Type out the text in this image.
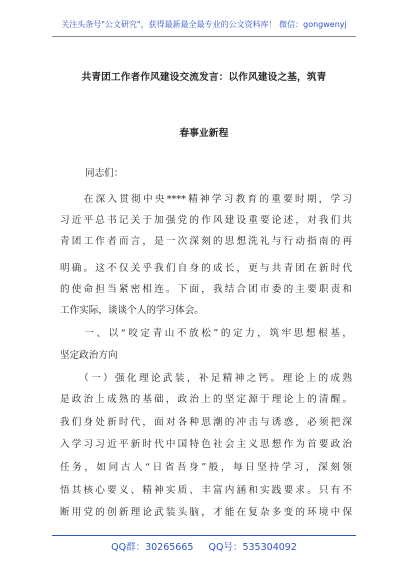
关注头条号"公文研究"，获得最新最全最专业的公文资料库！ 微信：gongwenyj
共青团工作者作风建设交流发言：以作风建设之基，筑青
春事业新程
同志们：
　　在深入贯彻中央****精神学习教育的重要时期，学习
习近平总书记关于加强党的作风建设重要论述，对我们共
青团工作者而言，是一次深刻的思想洗礼与行动指南的再
明确。这不仅关乎我们自身的成长，更与共青团在新时代
的使命担当紧密相连。下面，我结合团市委的主要职责和
工作实际，谈谈个人的学习体会。
　　一、以“咬定青山不放松”的定力，筑牢思想根基，
坚定政治方向
　　（一）强化理论武装，补足精神之钙。理论上的成熟
是政治上成熟的基础，政治上的坚定源于理论上的清醒。
我们身处新时代，面对各种思潮的冲击与诱惑，必须把深
入学习习近平新时代中国特色社会主义思想作为首要政治
任务，如同古人“日省吾身”般，每日坚持学习，深刻领
悟其核心要义、精神实质、丰富内涵和实践要求。只有不
断用党的创新理论武装头脑，才能在复杂多变的环境中保
QQ群：30265665     QQ号：535304092
